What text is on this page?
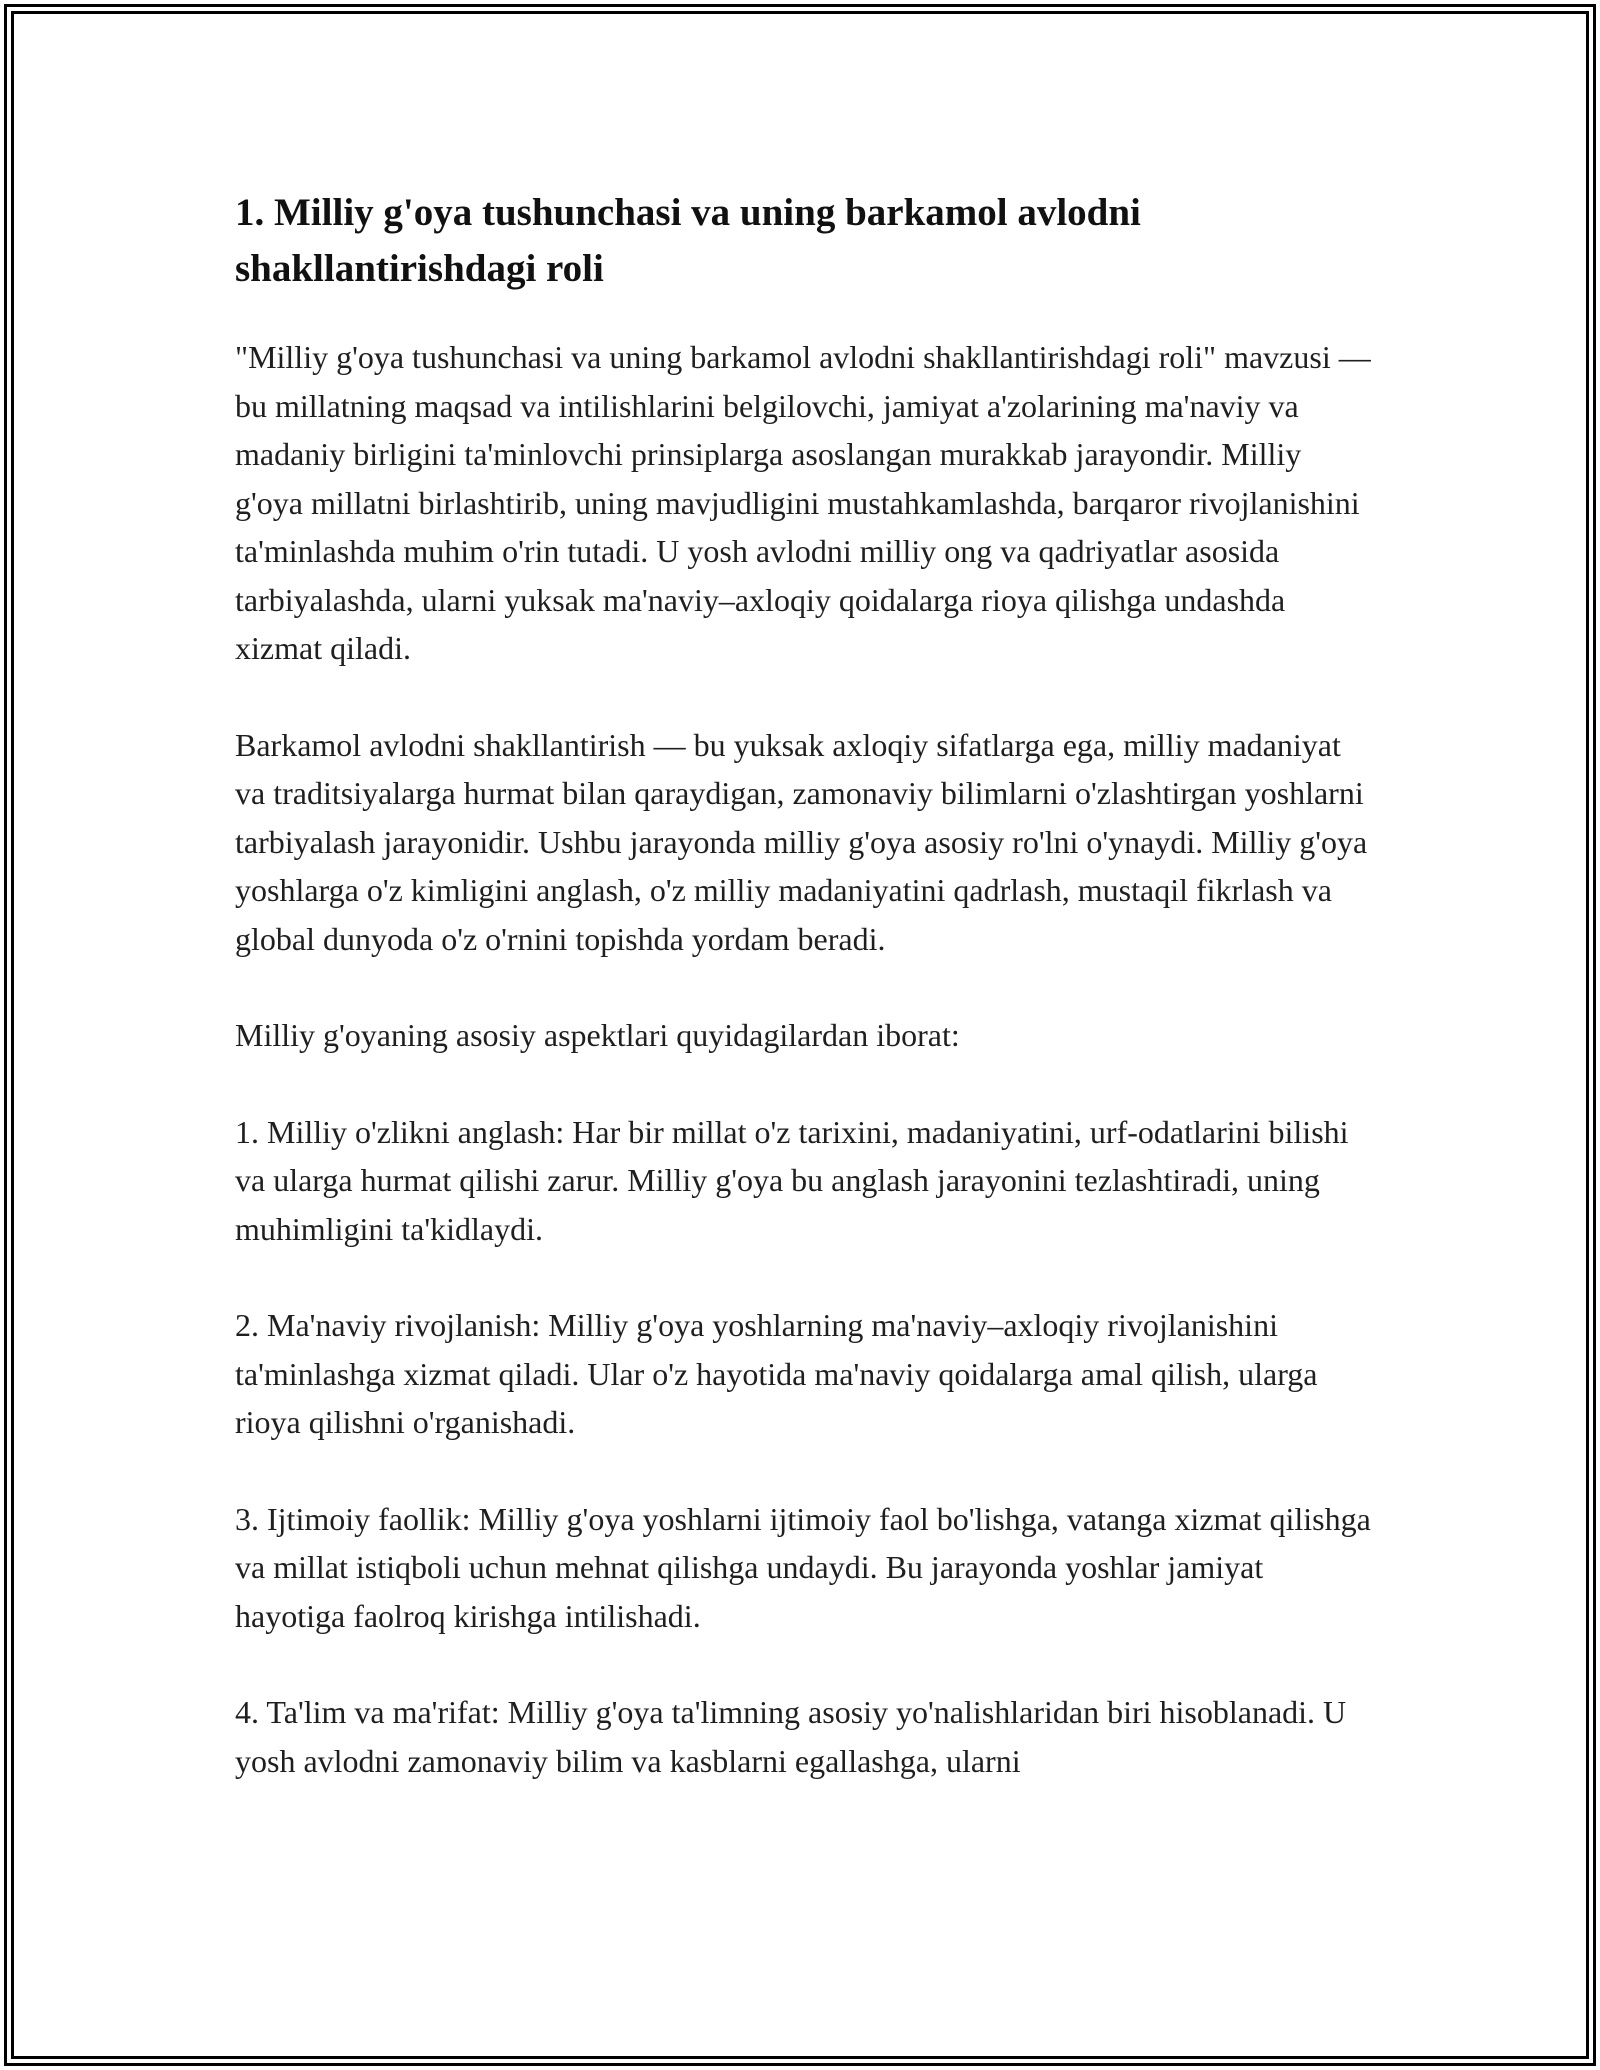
1. Milliy g'oya tushunchasi va uning barkamol avlodni shakllantirishdagi roli

"Milliy g'oya tushunchasi va uning barkamol avlodni shakllantirishdagi roli" mavzusi — bu millatning maqsad va intilishlarini belgilovchi, jamiyat a'zolarining ma'naviy va madaniy birligini ta'minlovchi prinsiplarga asoslangan murakkab jarayondir. Milliy g'oya millatni birlashtirib, uning mavjudligini mustahkamlashda, barqaror rivojlanishini ta'minlashda muhim o'rin tutadi. U yosh avlodni milliy ong va qadriyatlar asosida tarbiyalashda, ularni yuksak ma'naviy–axloqiy qoidalarga rioya qilishga undashda xizmat qiladi.

Barkamol avlodni shakllantirish — bu yuksak axloqiy sifatlarga ega, milliy madaniyat va traditsiyalarga hurmat bilan qaraydigan, zamonaviy bilimlarni o'zlashtirgan yoshlarni tarbiyalash jarayonidir. Ushbu jarayonda milliy g'oya asosiy ro'lni o'ynaydi. Milliy g'oya yoshlarga o'z kimligini anglash, o'z milliy madaniyatini qadrlash, mustaqil fikrlash va global dunyoda o'z o'rnini topishda yordam beradi.

Milliy g'oyaning asosiy aspektlari quyidagilardan iborat:

1. Milliy o'zlikni anglash: Har bir millat o'z tarixini, madaniyatini, urf-odatlarini bilishi va ularga hurmat qilishi zarur. Milliy g'oya bu anglash jarayonini tezlashtiradi, uning muhimligini ta'kidlaydi.

2. Ma'naviy rivojlanish: Milliy g'oya yoshlarning ma'naviy–axloqiy rivojlanishini ta'minlashga xizmat qiladi. Ular o'z hayotida ma'naviy qoidalarga amal qilish, ularga rioya qilishni o'rganishadi.

3. Ijtimoiy faollik: Milliy g'oya yoshlarni ijtimoiy faol bo'lishga, vatanga xizmat qilishga va millat istiqboli uchun mehnat qilishga undaydi. Bu jarayonda yoshlar jamiyat hayotiga faolroq kirishga intilishadi.

4. Ta'lim va ma'rifat: Milliy g'oya ta'limning asosiy yo'nalishlaridan biri hisoblanadi. U yosh avlodni zamonaviy bilim va kasblarni egallashga, ularni
